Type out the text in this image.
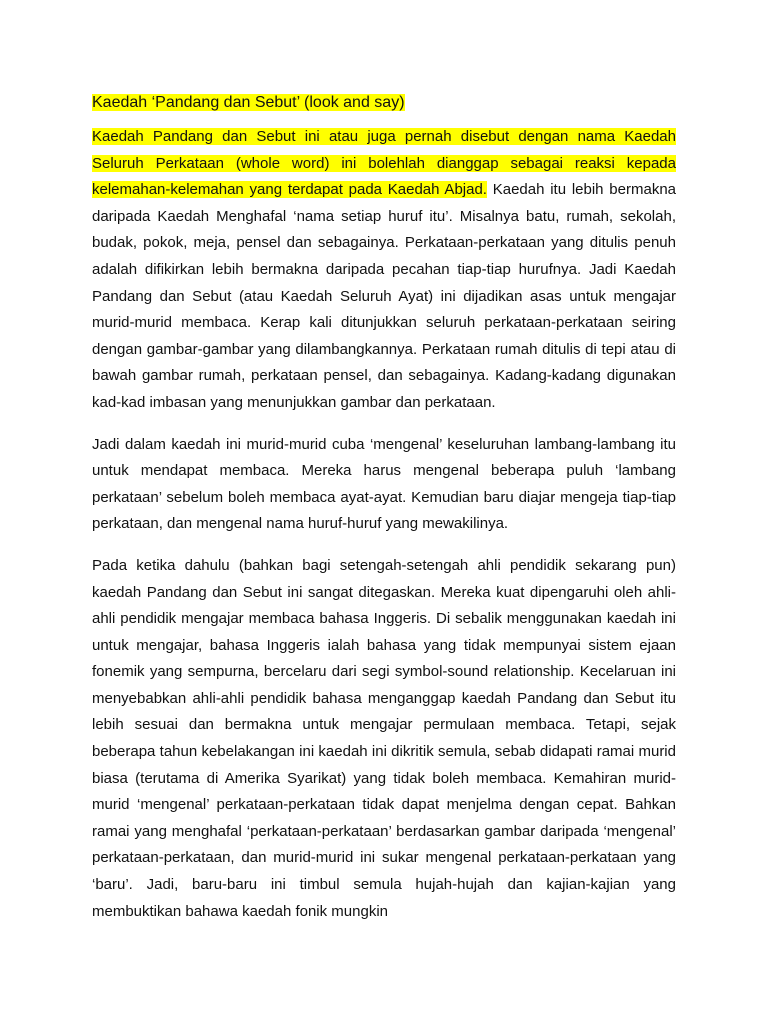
Kaedah ‘Pandang dan Sebut’ (look and say)

Kaedah Pandang dan Sebut ini atau juga pernah disebut dengan nama Kaedah Seluruh Perkataan (whole word) ini bolehlah dianggap sebagai reaksi kepada kelemahan-kelemahan yang terdapat pada Kaedah Abjad. Kaedah itu lebih bermakna daripada Kaedah Menghafal ‘nama setiap huruf itu’. Misalnya batu, rumah, sekolah, budak, pokok, meja, pensel dan sebagainya. Perkataan-perkataan yang ditulis penuh adalah difikirkan lebih bermakna daripada pecahan tiap-tiap hurufnya. Jadi Kaedah Pandang dan Sebut (atau Kaedah Seluruh Ayat) ini dijadikan asas untuk mengajar murid-murid membaca. Kerap kali ditunjukkan seluruh perkataan-perkataan seiring dengan gambar-gambar yang dilambangkannya. Perkataan rumah ditulis di tepi atau di bawah gambar rumah, perkataan pensel, dan sebagainya. Kadang-kadang digunakan kad-kad imbasan yang menunjukkan gambar dan perkataan.

Jadi dalam kaedah ini murid-murid cuba ‘mengenal’ keseluruhan lambang-lambang itu untuk mendapat membaca. Mereka harus mengenal beberapa puluh ‘lambang perkataan’ sebelum boleh membaca ayat-ayat. Kemudian baru diajar mengeja tiap-tiap perkataan, dan mengenal nama huruf-huruf yang mewakilinya.

Pada ketika dahulu (bahkan bagi setengah-setengah ahli pendidik sekarang pun) kaedah Pandang dan Sebut ini sangat ditegaskan. Mereka kuat dipengaruhi oleh ahli-ahli pendidik mengajar membaca bahasa Inggeris. Di sebalik menggunakan kaedah ini untuk mengajar, bahasa Inggeris ialah bahasa yang tidak mempunyai sistem ejaan fonemik yang sempurna, bercelaru dari segi symbol-sound relationship. Kecelaruan ini menyebabkan ahli-ahli pendidik bahasa menganggap kaedah Pandang dan Sebut itu lebih sesuai dan bermakna untuk mengajar permulaan membaca. Tetapi, sejak beberapa tahun kebelakangan ini kaedah ini dikritik semula, sebab didapati ramai murid biasa (terutama di Amerika Syarikat) yang tidak boleh membaca. Kemahiran murid-murid ‘mengenal’ perkataan-perkataan tidak dapat menjelma dengan cepat. Bahkan ramai yang menghafal ‘perkataan-perkataan’ berdasarkan gambar daripada ‘mengenal’ perkataan-perkataan, dan murid-murid ini sukar mengenal perkataan-perkataan yang ‘baru’. Jadi, baru-baru ini timbul semula hujah-hujah dan kajian-kajian yang membuktikan bahawa kaedah fonik mungkin
